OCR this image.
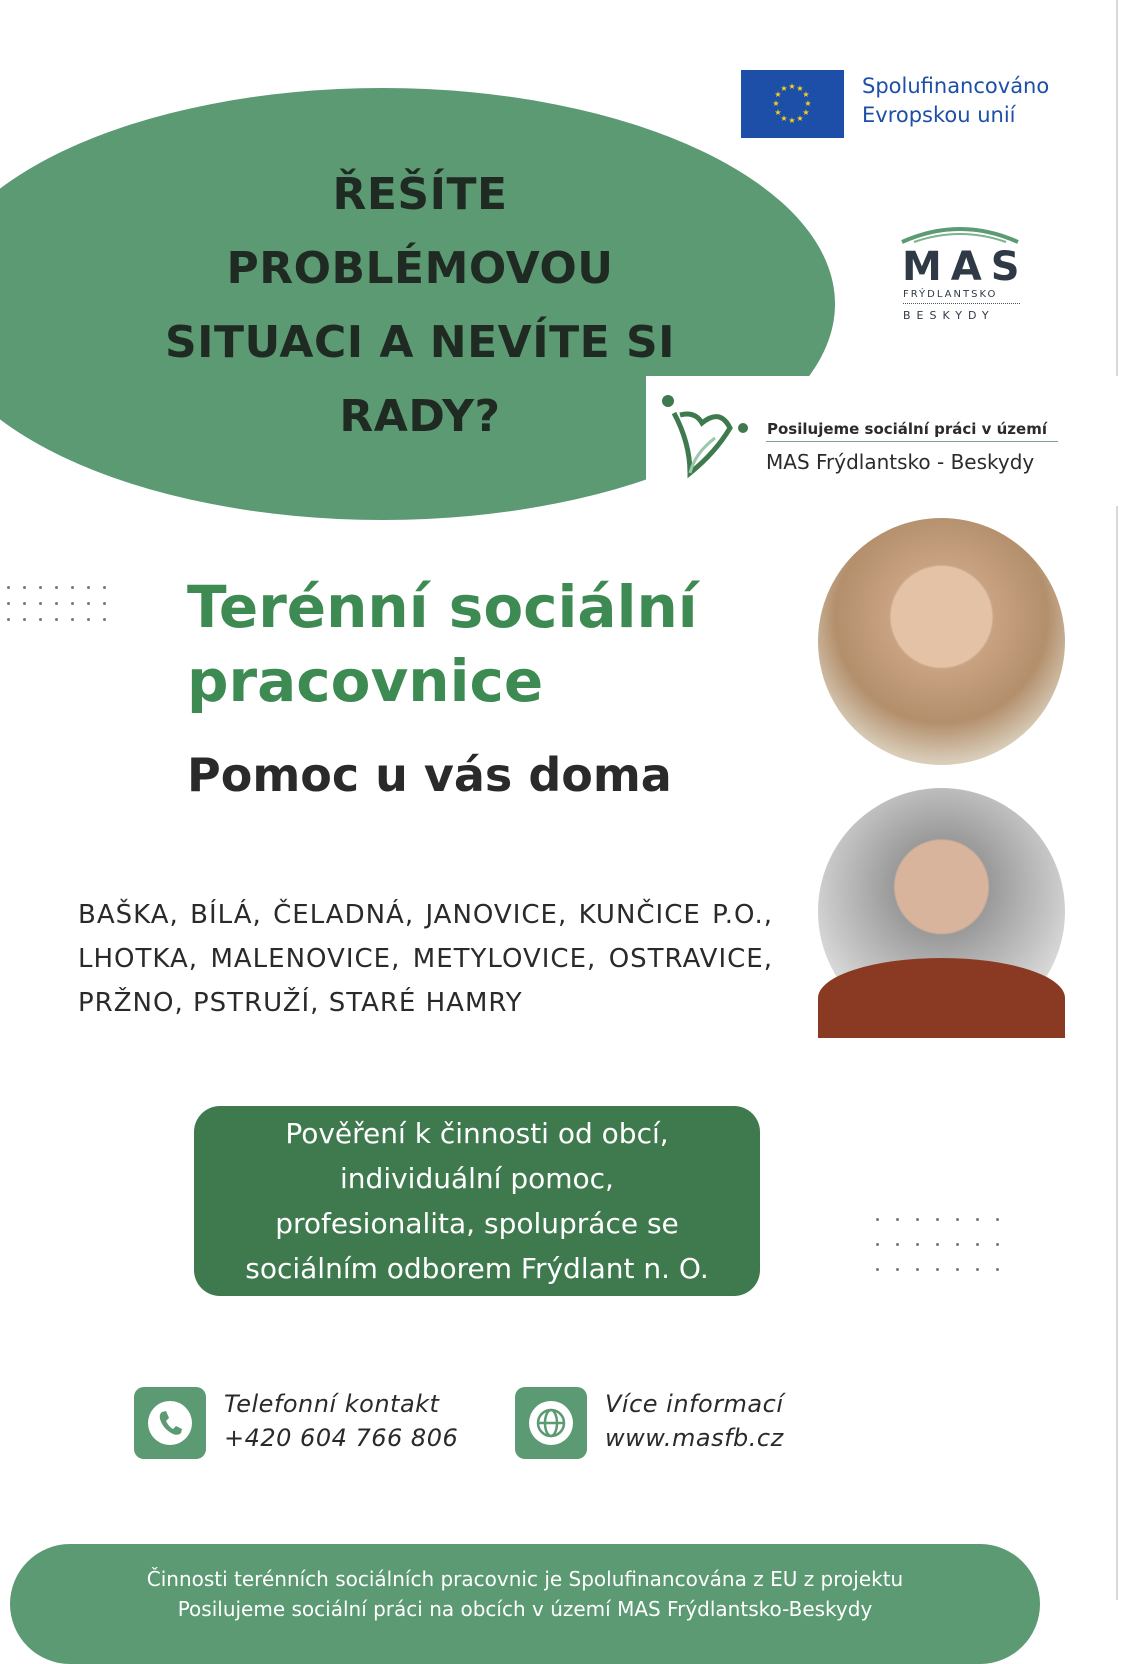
ŘEŠÍTE
PROBLÉMOVOU
SITUACI A NEVÍTE SI
RADY?
★ ★
★
★
★
★
★
★
★
★
★
★	Spolufinancováno
Evropskou unií
MAS
FRÝDLANTSKO
BESKYDY
Posilujeme sociální práci v území
MAS Frýdlantsko - Beskydy
Terénní sociální
pracovnice
Pomoc u vás doma
BAŠKA, BÍLÁ, ČELADNÁ, JANOVICE, KUNČICE P.O., LHOTKA, MALENOVICE, METYLOVICE, OSTRAVICE, PRŽNO, PSTRUŽÍ, STARÉ HAMRY
Pověření k činnosti od obcí,
individuální pomoc,
profesionalita, spolupráce se
sociálním odborem Frýdlant n. O.
Telefonní kontakt
+420 604 766 806
Více informací
www.masfb.cz
Činnosti terénních sociálních pracovnic je Spolufinancována z EU z projektu
Posilujeme sociální práci na obcích v území MAS Frýdlantsko-Beskydy
